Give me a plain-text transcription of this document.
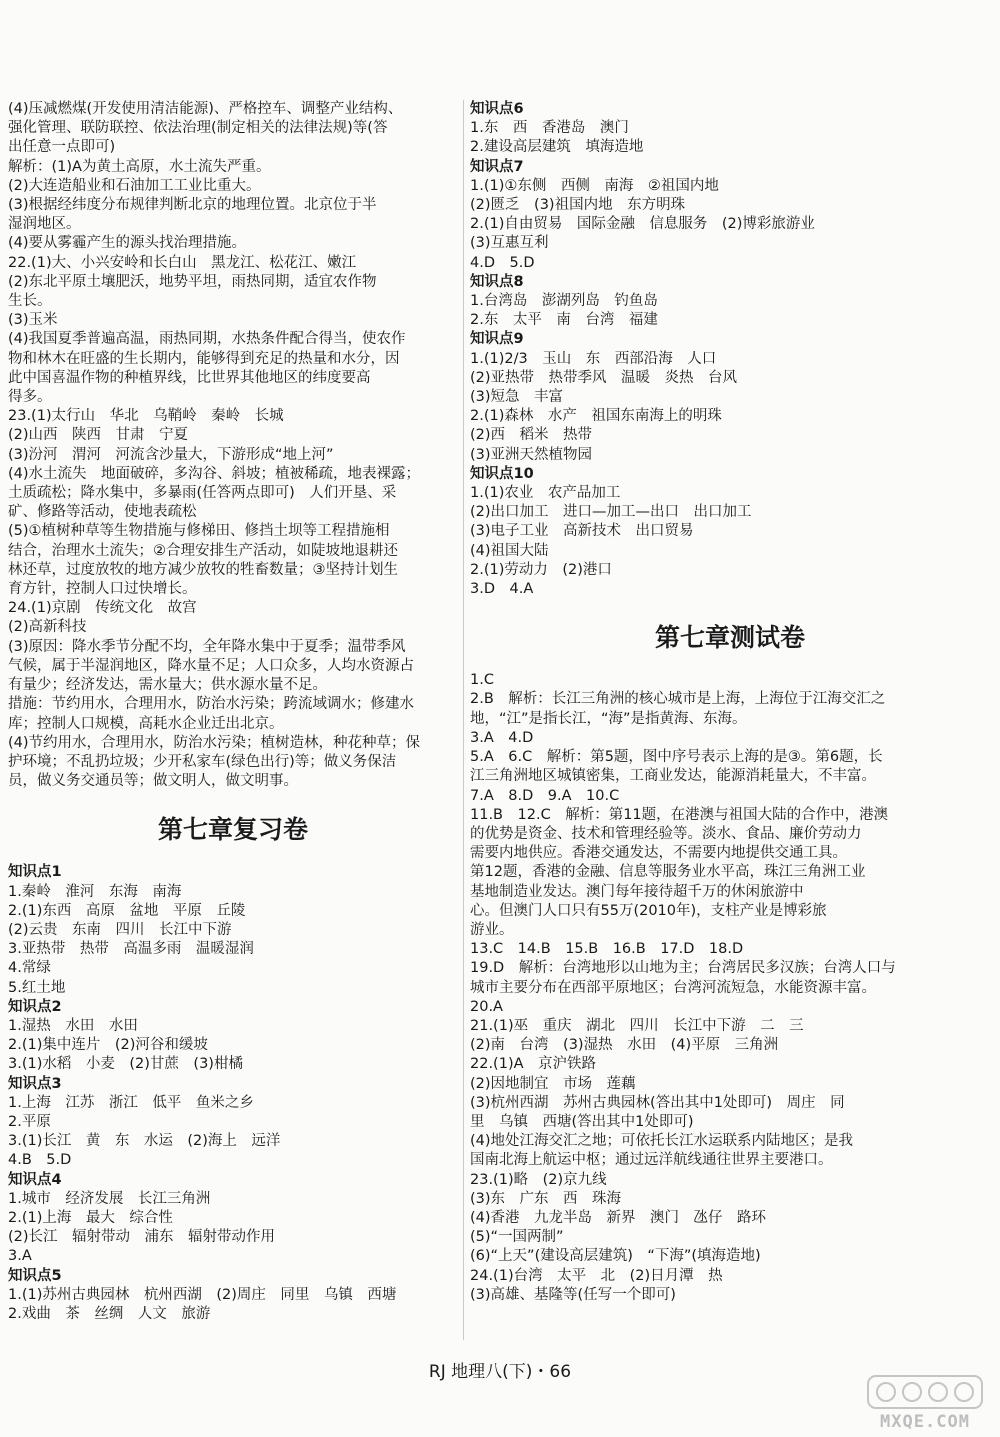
(4)压减燃煤(开发使用清洁能源)、严格控车、调整产业结构、
强化管理、联防联控、依法治理(制定相关的法律法规)等(答
出任意一点即可)
解析：(1)A为黄土高原，水土流失严重。
(2)大连造船业和石油加工工业比重大。
(3)根据经纬度分布规律判断北京的地理位置。北京位于半
湿润地区。
(4)要从雾霾产生的源头找治理措施。
22.(1)大、小兴安岭和长白山　黑龙江、松花江、嫩江
(2)东北平原土壤肥沃，地势平坦，雨热同期，适宜农作物
生长。
(3)玉米
(4)我国夏季普遍高温，雨热同期，水热条件配合得当，使农作
物和林木在旺盛的生长期内，能够得到充足的热量和水分，因
此中国喜温作物的种植界线，比世界其他地区的纬度要高
得多。
23.(1)太行山　华北　乌鞘岭　秦岭　长城
(2)山西　陕西　甘肃　宁夏
(3)汾河　渭河　河流含沙量大，下游形成“地上河”
(4)水土流失　地面破碎，多沟谷、斜坡；植被稀疏，地表裸露；
土质疏松；降水集中，多暴雨(任答两点即可)　人们开垦、采
矿、修路等活动，使地表疏松
(5)①植树种草等生物措施与修梯田、修挡土坝等工程措施相
结合，治理水土流失；②合理安排生产活动，如陡坡地退耕还
林还草，过度放牧的地方减少放牧的牲畜数量；③坚持计划生
育方针，控制人口过快增长。
24.(1)京剧　传统文化　故宫
(2)高新科技
(3)原因：降水季节分配不均，全年降水集中于夏季；温带季风
气候，属于半湿润地区，降水量不足；人口众多，人均水资源占
有量少；经济发达，需水量大；供水源水量不足。
措施：节约用水，合理用水，防治水污染；跨流域调水；修建水
库；控制人口规模，高耗水企业迁出北京。
(4)节约用水，合理用水，防治水污染；植树造林，种花种草；保
护环境；不乱扔垃圾；少开私家车(绿色出行)等；做义务保洁
员，做义务交通员等；做文明人，做文明事。
第七章复习卷
知识点1
1.秦岭　淮河　东海　南海
2.(1)东西　高原　盆地　平原　丘陵
(2)云贵　东南　四川　长江中下游
3.亚热带　热带　高温多雨　温暖湿润
4.常绿
5.红土地
知识点2
1.湿热　水田　水田
2.(1)集中连片　(2)河谷和缓坡
3.(1)水稻　小麦　(2)甘蔗　(3)柑橘
知识点3
1.上海　江苏　浙江　低平　鱼米之乡
2.平原
3.(1)长江　黄　东　水运　(2)海上　远洋
4.B　5.D
知识点4
1.城市　经济发展　长江三角洲
2.(1)上海　最大　综合性
(2)长江　辐射带动　浦东　辐射带动作用
3.A
知识点5
1.(1)苏州古典园林　杭州西湖　(2)周庄　同里　乌镇　西塘
2.戏曲　茶　丝绸　人文　旅游
知识点6
1.东　西　香港岛　澳门
2.建设高层建筑　填海造地
知识点7
1.(1)①东侧　西侧　南海　②祖国内地
(2)匮乏　(3)祖国内地　东方明珠
2.(1)自由贸易　国际金融　信息服务　(2)博彩旅游业
(3)互惠互利
4.D　5.D
知识点8
1.台湾岛　澎湖列岛　钓鱼岛
2.东　太平　南　台湾　福建
知识点9
1.(1)2/3　玉山　东　西部沿海　人口
(2)亚热带　热带季风　温暖　炎热　台风
(3)短急　丰富
2.(1)森林　水产　祖国东南海上的明珠
(2)西　稻米　热带
(3)亚洲天然植物园
知识点10
1.(1)农业　农产品加工
(2)出口加工　进口—加工—出口　出口加工
(3)电子工业　高新技术　出口贸易
(4)祖国大陆
2.(1)劳动力　(2)港口
3.D　4.A
第七章测试卷
1.C
2.B　解析：长江三角洲的核心城市是上海，上海位于江海交汇之
地，“江”是指长江，“海”是指黄海、东海。
3.A　4.D
5.A　6.C　解析：第5题，图中序号表示上海的是③。第6题，长
江三角洲地区城镇密集，工商业发达，能源消耗量大，不丰富。
7.A　8.D　9.A　10.C
11.B　12.C　解析：第11题，在港澳与祖国大陆的合作中，港澳
的优势是资金、技术和管理经验等。淡水、食品、廉价劳动力
需要内地供应。香港交通发达，不需要内地提供交通工具。
第12题，香港的金融、信息等服务业水平高，珠江三角洲工业
基地制造业发达。澳门每年接待超千万的休闲旅游中
心。但澳门人口只有55万(2010年)，支柱产业是博彩旅
游业。
13.C　14.B　15.B　16.B　17.D　18.D
19.D　解析：台湾地形以山地为主；台湾居民多汉族；台湾人口与
城市主要分布在西部平原地区；台湾河流短急，水能资源丰富。
20.A
21.(1)巫　重庆　湖北　四川　长江中下游　二　三
(2)南　台湾　(3)湿热　水田　(4)平原　三角洲
22.(1)A　京沪铁路
(2)因地制宜　市场　莲藕
(3)杭州西湖　苏州古典园林(答出其中1处即可)　周庄　同
里　乌镇　西塘(答出其中1处即可)
(4)地处江海交汇之地；可依托长江水运联系内陆地区；是我
国南北海上航运中枢；通过远洋航线通往世界主要港口。
23.(1)略　(2)京九线
(3)东　广东　西　珠海
(4)香港　九龙半岛　新界　澳门　氹仔　路环
(5)“一国两制”
(6)“上天”(建设高层建筑)　“下海”(填海造地)
24.(1)台湾　太平　北　(2)日月潭　热
(3)高雄、基隆等(任写一个即可)
RJ 地理八(下)・66
MXQE.COM
